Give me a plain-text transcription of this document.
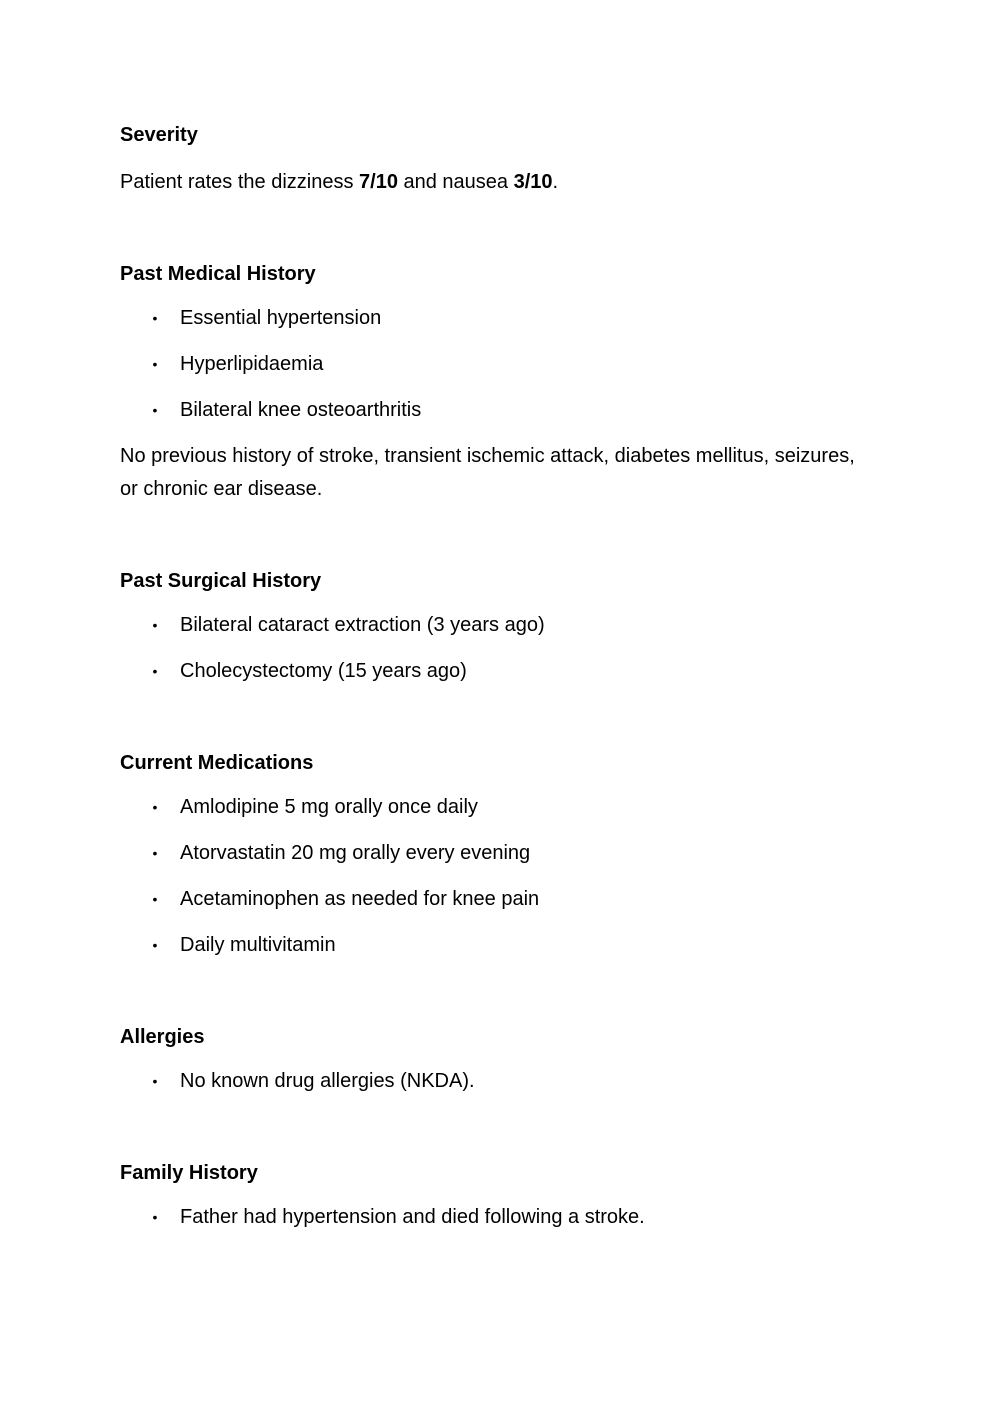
Severity

Patient rates the dizziness 7/10 and nausea 3/10.

Past Medical History

• Essential hypertension
• Hyperlipidaemia
• Bilateral knee osteoarthritis

No previous history of stroke, transient ischemic attack, diabetes mellitus, seizures, or chronic ear disease.

Past Surgical History

• Bilateral cataract extraction (3 years ago)
• Cholecystectomy (15 years ago)

Current Medications

• Amlodipine 5 mg orally once daily
• Atorvastatin 20 mg orally every evening
• Acetaminophen as needed for knee pain
• Daily multivitamin

Allergies

• No known drug allergies (NKDA).

Family History

• Father had hypertension and died following a stroke.
